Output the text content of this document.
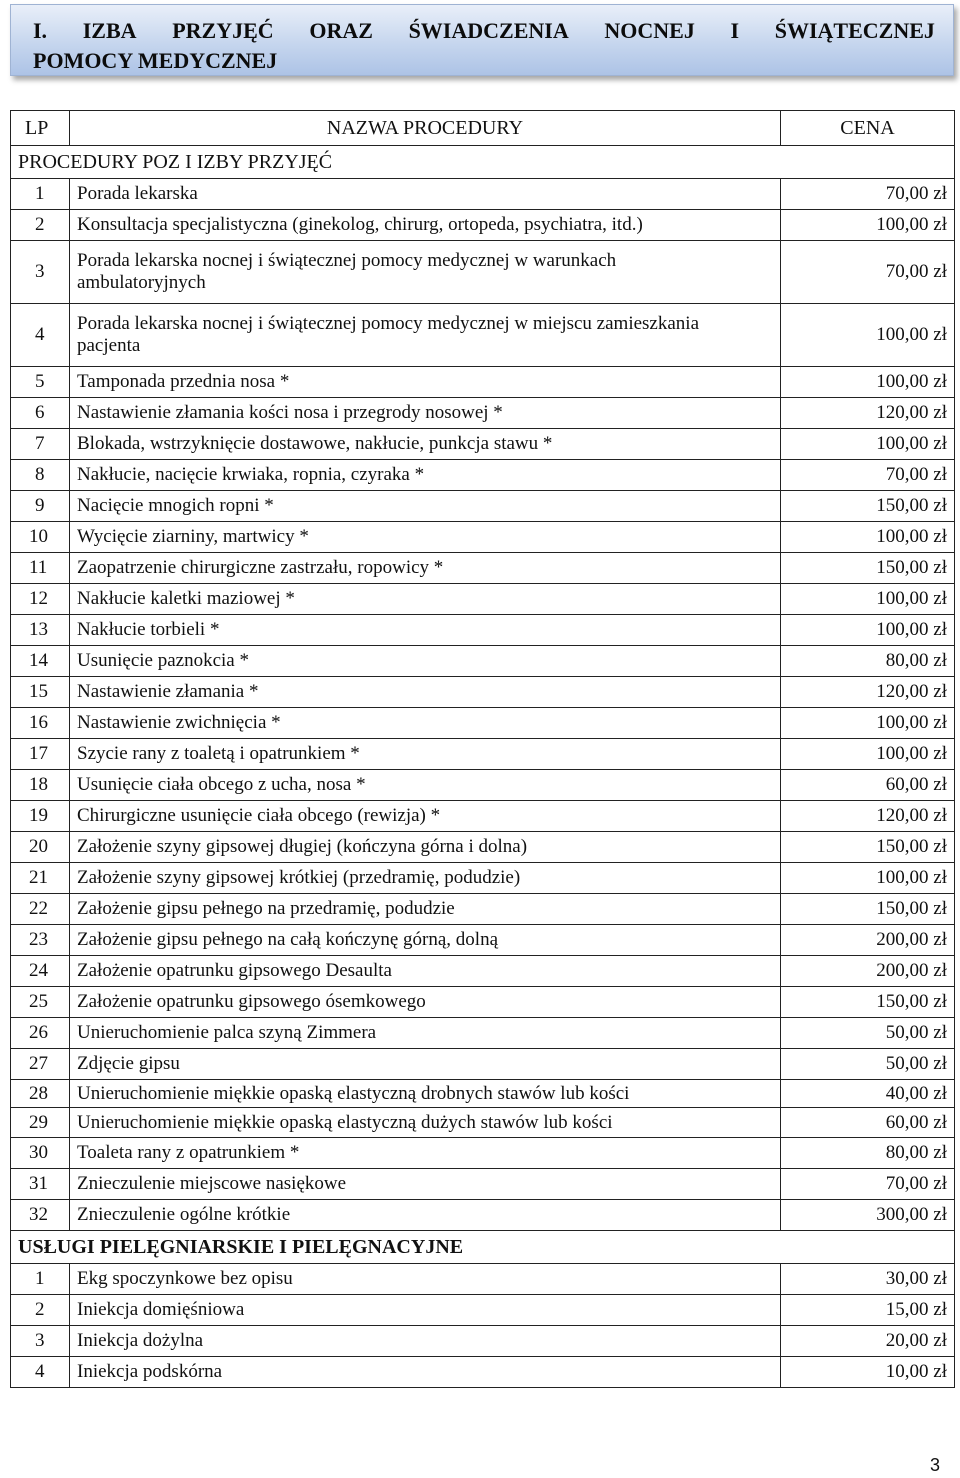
I. IZBA PRZYJĘĆ ORAZ ŚWIADCZENIA NOCNEJ I ŚWIĄTECZNEJ
POMOCY MEDYCZNEJ
LP	NAZWA PROCEDURY	CENA
PROCEDURY POZ I IZBY PRZYJĘĆ		
1	Porada lekarska	70,00 zł
2	Konsultacja specjalistyczna (ginekolog, chirurg, ortopeda, psychiatra, itd.)	100,00 zł
3	Porada lekarska nocnej i świątecznej pomocy medycznej w warunkach ambulatoryjnych	70,00 zł
4	Porada lekarska nocnej i świątecznej pomocy medycznej w miejscu zamieszkania pacjenta	100,00 zł
5	Tamponada przednia nosa *	100,00 zł
6	Nastawienie złamania kości nosa i przegrody nosowej *	120,00 zł
7	Blokada, wstrzyknięcie dostawowe, nakłucie, punkcja stawu *	100,00 zł
8	Nakłucie, nacięcie krwiaka, ropnia, czyraka *	70,00 zł
9	Nacięcie mnogich ropni *	150,00 zł
10	Wycięcie ziarniny, martwicy *	100,00 zł
11	Zaopatrzenie chirurgiczne zastrzału, ropowicy *	150,00 zł
12	Nakłucie kaletki maziowej *	100,00 zł
13	Nakłucie torbieli *	100,00 zł
14	Usunięcie paznokcia *	80,00 zł
15	Nastawienie złamania *	120,00 zł
16	Nastawienie zwichnięcia *	100,00 zł
17	Szycie rany z toaletą i opatrunkiem *	100,00 zł
18	Usunięcie ciała obcego z ucha, nosa *	60,00 zł
19	Chirurgiczne usunięcie ciała obcego (rewizja) *	120,00 zł
20	Założenie szyny gipsowej długiej (kończyna górna i dolna)	150,00 zł
21	Założenie szyny gipsowej krótkiej (przedramię, podudzie)	100,00 zł
22	Założenie gipsu pełnego na przedramię, podudzie	150,00 zł
23	Założenie gipsu pełnego na całą kończynę górną, dolną	200,00 zł
24	Założenie opatrunku gipsowego Desaulta	200,00 zł
25	Założenie opatrunku gipsowego ósemkowego	150,00 zł
26	Unieruchomienie palca szyną Zimmera	50,00 zł
27	Zdjęcie gipsu	50,00 zł
28	Unieruchomienie miękkie opaską elastyczną drobnych stawów lub kości	40,00 zł
29	Unieruchomienie miękkie opaską elastyczną dużych stawów lub kości	60,00 zł
30	Toaleta rany z opatrunkiem *	80,00 zł
31	Znieczulenie miejscowe nasiękowe	70,00 zł
32	Znieczulenie ogólne krótkie	300,00 zł
USŁUGI PIELĘGNIARSKIE I PIELĘGNACYJNE		
1	Ekg spoczynkowe bez opisu	30,00 zł
2	Iniekcja domięśniowa	15,00 zł
3	Iniekcja dożylna	20,00 zł
4	Iniekcja podskórna	10,00 zł
3
